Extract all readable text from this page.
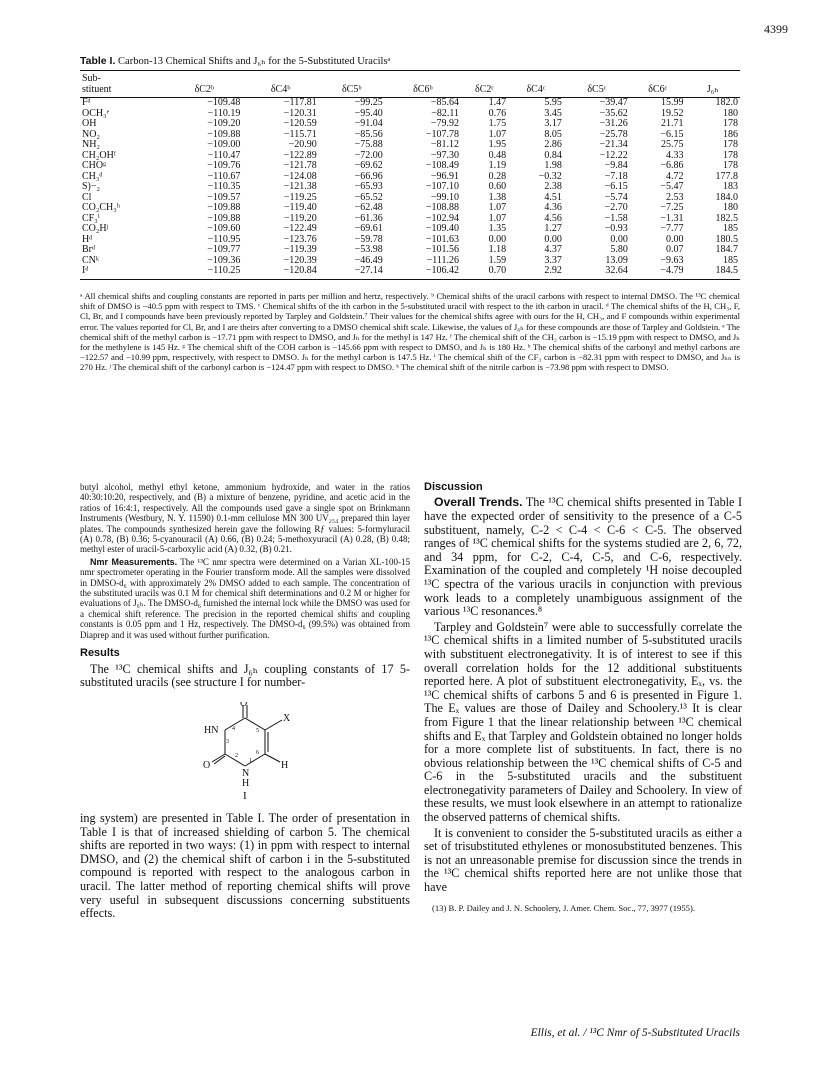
4399
Table I. Carbon-13 Chemical Shifts and J₆ₕ for the 5-Substituted Uracilsᵃ
Sub-
stituent	δC2ᵇ	δC4ᵇ	δC5ᵇ	δC6ᵇ	δC2ᶜ	δC4ᶜ	δC5ᶜ	δC6ᶜ	J₆ₕ
Fᵈ	−109.48	−117.81	−99.25	−85.64	1.47	5.95	−39.47	15.99	182.0
OCH₃ᵉ	−110.19	−120.31	−95.40	−82.11	0.76	3.45	−35.62	19.52	180
OH	−109.20	−120.59	−91.04	−79.92	1.75	3.17	−31.26	21.71	178
NO₂	−109.88	−115.71	−85.56	−107.78	1.07	8.05	−25.78	−6.15	186
NH₂	−109.00	−20.90	−75.88	−81.12	1.95	2.86	−21.34	25.75	178
CH₂OHᶠ	−110.47	−122.89	−72.00	−97.30	0.48	0.84	−12.22	4.33	178
CHOᵍ	−109.76	−121.78	−69.62	−108.49	1.19	1.98	−9.84	−6.86	178
CH₃ᵈ	−110.67	−124.08	−66.96	−96.91	0.28	−0.32	−7.18	4.72	177.8
S)−₂	−110.35	−121.38	−65.93	−107.10	0.60	2.38	−6.15	−5.47	183
Cl	−109.57	−119.25	−65.52	−99.10	1.38	4.51	−5.74	2.53	184.0
CO₂CH₃ʰ	−109.88	−119.40	−62.48	−108.88	1.07	4.36	−2.70	−7.25	180
CF₃ⁱ	−109.88	−119.20	−61.36	−102.94	1.07	4.56	−1.58	−1.31	182.5
CO₂Hʲ	−109.60	−122.49	−69.61	−109.40	1.35	1.27	−0.93	−7.77	185
Hᵈ	−110.95	−123.76	−59.78	−101.63	0.00	0.00	0.00	0.00	180.5
Brᵈ	−109.77	−119.39	−53.98	−101.56	1.18	4.37	5.80	0.07	184.7
CNᵏ	−109.36	−120.39	−46.49	−111.26	1.59	3.37	13.09	−9.63	185
Iᵈ	−110.25	−120.84	−27.14	−106.42	0.70	2.92	32.64	−4.79	184.5
ᵃ All chemical shifts and coupling constants are reported in parts per million and hertz, respectively. ᵇ Chemical shifts of the uracil carbons with respect to internal DMSO. The ¹³C chemical shift of DMSO is −40.5 ppm with respect to TMS. ᶜ Chemical shifts of the ith carbon in the 5-substituted uracil with respect to the ith carbon in uracil. ᵈ The chemical shifts of the H, CH₃, F, Cl, Br, and I compounds have been previously reported by Tarpley and Goldstein.⁷ Their values for the chemical shifts agree with ours for the H, CH₃, and F compounds within experimental error. The values reported for Cl, Br, and I are theirs after converting to a DMSO chemical shift scale. Likewise, the values of J₆ₕ for these compounds are those of Tarpley and Goldstein. ᵉ The chemical shift of the methyl carbon is −17.71 ppm with respect to DMSO, and Jₕ for the methyl is 147 Hz. ᶠ The chemical shift of the CH₂ carbon is −15.19 ppm with respect to DMSO, and Jₕ for the methylene is 145 Hz. ᵍ The chemical shift of the COH carbon is −145.66 ppm with respect to DMSO, and Jₕ is 180 Hz. ʰ The chemical shifts of the carbonyl and methyl carbons are −122.57 and −10.99 ppm, respectively, with respect to DMSO. Jₕ for the methyl carbon is 147.5 Hz. ⁱ The chemical shift of the CF₃ carbon is −82.31 ppm with respect to DMSO, and Jₕₙ is 270 Hz. ʲ The chemical shift of the carbonyl carbon is −124.47 ppm with respect to DMSO. ᵏ The chemical shift of the nitrile carbon is −73.98 ppm with respect to DMSO.

butyl alcohol, methyl ethyl ketone, ammonium hydroxide, and water in the ratios 40:30:10:20, respectively, and (B) a mixture of benzene, pyridine, and acetic acid in the ratios of 16:4:1, respectively. All the compounds used gave a single spot on Brinkmann Instruments (Westbury, N. Y. 11590) 0.1-mm cellulose MN 300 UV₂₅₄ prepared thin layer plates. The compounds synthesized herein gave the following Rƒ values: 5-formyluracil (A) 0.78, (B) 0.36; 5-cyanouracil (A) 0.66, (B) 0.24; 5-methoxyuracil (A) 0.28, (B) 0.48; methyl ester of uracil-5-carboxylic acid (A) 0.32, (B) 0.21.

Nmr Measurements. The ¹³C nmr spectra were determined on a Varian XL-100-15 nmr spectrometer operating in the Fourier transform mode. All the samples were dissolved in DMSO-d₆ with approximately 2% DMSO added to each sample. The concentration of the substituted uracils was 0.1 M for chemical shift determinations and 0.2 M or higher for evaluations of J₆ₕ. The DMSO-d₆ furnished the internal lock while the DMSO was used for a chemical shift reference. The precision in the reported chemical shifts and coupling constants is 0.05 ppm and 1 Hz, respectively. The DMSO-d₆ (99.5%) was obtained from Diaprep and it was used without further purification.

Results

The ¹³C chemical shifts and J₆ₕ coupling constants of 17 5-substituted uracils (see structure I for number-

O
HN
X
H
O
N
H
4	5
2
1
6
3
I

ing system) are presented in Table I. The order of presentation in Table I is that of increased shielding of carbon 5. The chemical shifts are reported in two ways: (1) in ppm with respect to internal DMSO, and (2) the chemical shift of carbon i in the 5-substituted compound is reported with respect to the analogous carbon in uracil. The latter method of reporting chemical shifts will prove very useful in subsequent discussions concerning substituents effects.

Discussion

Overall Trends. The ¹³C chemical shifts presented in Table I have the expected order of sensitivity to the presence of a C-5 substituent, namely, C-2 < C-4 < C-6 < C-5. The observed ranges of ¹³C chemical shifts for the systems studied are 2, 6, 72, and 34 ppm, for C-2, C-4, C-5, and C-6, respectively. Examination of the coupled and completely ¹H noise decoupled ¹³C spectra of the various uracils in conjunction with previous work leads to a completely unambiguous assignment of the various ¹³C resonances.⁸

Tarpley and Goldstein⁷ were able to successfully correlate the ¹³C chemical shifts in a limited number of 5-substituted uracils with substituent electronegativity. It is of interest to see if this overall correlation holds for the 12 additional substituents reported here. A plot of substituent electronegativity, Eₓ, vs. the ¹³C chemical shifts of carbons 5 and 6 is presented in Figure 1. The Eₓ values are those of Dailey and Schoolery.¹³ It is clear from Figure 1 that the linear relationship between ¹³C chemical shifts and Eₓ that Tarpley and Goldstein obtained no longer holds for a more complete list of substituents. In fact, there is no obvious relationship between the ¹³C chemical shifts of C-5 and C-6 in the 5-substituted uracils and the substituent electronegativity parameters of Dailey and Schoolery. In view of these results, we must look elsewhere in an attempt to rationalize the observed patterns of chemical shifts.

It is convenient to consider the 5-substituted uracils as either a set of trisubstituted ethylenes or monosubstituted benzenes. This is not an unreasonable premise for discussion since the trends in the ¹³C chemical shifts reported here are not unlike those that have

(13) B. P. Dailey and J. N. Schoolery, J. Amer. Chem. Soc., 77, 3977 (1955).
Ellis, et al. / ¹³C Nmr of 5-Substituted Uracils
